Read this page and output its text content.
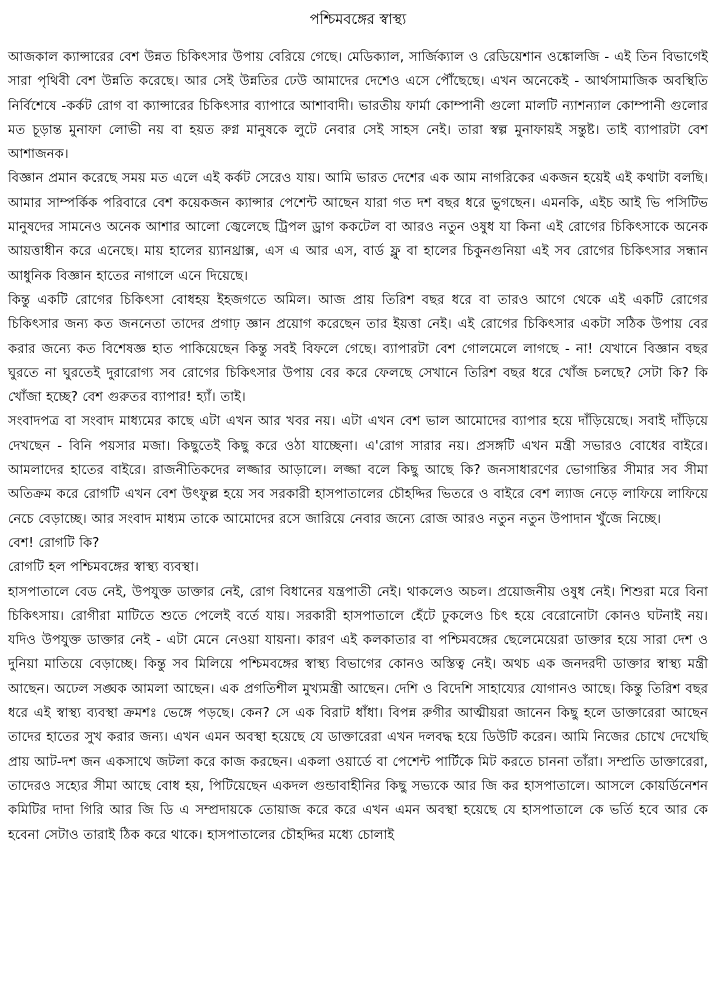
পশ্চিমবঙ্গের স্বাস্থ্য

আজকাল ক্যান্সারের বেশ উন্নত চিকিৎসার উপায় বেরিয়ে গেছে। মেডিক্যাল, সার্জিক্যাল ও রেডিয়েশান ওঙ্কোলজি - এই তিন বিভাগেই সারা পৃথিবী বেশ উন্নতি করেছে। আর সেই উন্নতির ঢেউ আমাদের দেশেও এসে পৌঁছেছে। এখন অনেকেই - আর্থসামাজিক অবস্থিতি নির্বিশেষে -কর্কট রোগ বা ক্যান্সারের চিকিৎসার ব্যাপারে আশাবাদী। ভারতীয় ফার্মা কোম্পানী গুলো মালটি ন্যাশন্যাল কোম্পানী গুলোর মত চূড়ান্ত মুনাফা লোভী নয় বা হয়ত রুগ্ন মানুষকে লুটে নেবার সেই সাহস নেই। তারা স্বল্প মুনাফায়ই সন্তুষ্ট। তাই ব্যাপারটা বেশ আশাজনক।

বিজ্ঞান প্রমান করেছে সময় মত এলে এই কর্কট সেরেও যায়। আমি ভারত দেশের এক আম নাগরিকের একজন হয়েই এই কথাটা বলছি। আমার সাম্পর্কিক পরিবারে বেশ কয়েকজন ক্যান্সার পেশেন্ট আছেন যারা গত দশ বছর ধরে ভুগছেন। এমনকি, এইচ আই ভি পসিটিভ মানুষদের সামনেও অনেক আশার আলো জ্বেলেছে ট্রিপল ড্রাগ ককটেল বা আরও নতুন ওষুধ যা কিনা এই রোগের চিকিৎসাকে অনেক আয়ত্তাধীন করে এনেছে। মায় হালের য়্যানথ্রাক্স, এস এ আর এস, বার্ড ফ্লু বা হালের চিকুনগুনিয়া এই সব রোগের চিকিৎসার সন্ধান আধুনিক বিজ্ঞান হাতের নাগালে এনে দিয়েছে।

কিন্তু একটি রোগের চিকিৎসা বোধহয় ইহজগতে অমিল। আজ প্রায় তিরিশ বছর ধরে বা তারও আগে থেকে এই একটি রোগের চিকিৎসার জন্য কত জননেতা তাদের প্রগাঢ় জ্ঞান প্রয়োগ করেছেন তার ইয়ত্তা নেই। এই রোগের চিকিৎসার একটা সঠিক উপায় বের করার জন্যে কত বিশেষজ্ঞ হাত পাকিয়েছেন কিন্তু সবই বিফলে গেছে। ব্যাপারটা বেশ গোলমেলে লাগছে - না! যেখানে বিজ্ঞান বছর ঘুরতে না ঘুরতেই দুরারোগ্য সব রোগের চিকিৎসার উপায় বের করে ফেলছে সেখানে তিরিশ বছর ধরে খোঁজ চলছে? সেটা কি? কি খোঁজা হচ্ছে? বেশ গুরুতর ব্যাপার! হ্যাঁ। তাই।

সংবাদপত্র বা সংবাদ মাধ্যমের কাছে এটা এখন আর খবর নয়। এটা এখন বেশ ভাল আমোদের ব্যাপার হয়ে দাঁড়িয়েছে। সবাই দাঁড়িয়ে দেখছেন - বিনি পয়সার মজা। কিছুতেই কিছু করে ওঠা যাচ্ছেনা। এ'রোগ সারার নয়। প্রসঙ্গটি এখন মন্ত্রী সভারও বোধের বাইরে। আমলাদের হাতের বাইরে। রাজনীতিকদের লজ্জার আড়ালে। লজ্জা বলে কিছু আছে কি? জনসাধারণের ভোগান্তির সীমার সব সীমা অতিক্রম করে রোগটি এখন বেশ উৎফুল্ল হয়ে সব সরকারী হাসপাতালের চৌহদ্দির ভিতরে ও বাইরে বেশ ল্যাজ নেড়ে লাফিয়ে লাফিয়ে নেচে বেড়াচ্ছে। আর সংবাদ মাধ্যম তাকে আমোদের রসে জারিয়ে নেবার জন্যে রোজ আরও নতুন নতুন উপাদান খুঁজে নিচ্ছে।

বেশ! রোগটি কি?

রোগটি হল পশ্চিমবঙ্গের স্বাস্থ্য ব্যবস্থা।

হাসপাতালে বেড নেই, উপযুক্ত ডাক্তার নেই, রোগ বিধানের যন্ত্রপাতী নেই। থাকলেও অচল। প্রয়োজনীয় ওষুধ নেই। শিশুরা মরে বিনা চিকিৎসায়। রোগীরা মাটিতে শুতে পেলেই বর্তে যায়। সরকারী হাসপাতালে হেঁটে ঢুকলেও চিৎ হয়ে বেরোনোটা কোনও ঘটনাই নয়। যদিও উপযুক্ত ডাক্তার নেই - এটা মেনে নেওয়া যায়না। কারণ এই কলকাতার বা পশ্চিমবঙ্গের ছেলেমেয়েরা ডাক্তার হয়ে সারা দেশ ও দুনিয়া মাতিয়ে বেড়াচ্ছে। কিন্তু সব মিলিয়ে পশ্চিমবঙ্গের স্বাস্থ্য বিভাগের কোনও অস্তিত্ব নেই। অথচ এক জনদরদী ডাক্তার স্বাস্থ্য মন্ত্রী আছেন। অঢেল সঙ্ঘক আমলা আছেন। এক প্রগতিশীল মুখ্যমন্ত্রী আছেন। দেশি ও বিদেশি সাহায্যের যোগানও আছে। কিন্তু তিরিশ বছর ধরে এই স্বাস্থ্য ব্যবস্থা ক্রমশঃ ভেঙ্গে পড়ছে। কেন? সে এক বিরাট ধাঁধা। বিপন্ন রুগীর আত্মীয়রা জানেন কিছু হলে ডাক্তারেরা আছেন তাদের হাতের সুখ করার জন্য। এখন এমন অবস্থা হয়েছে যে ডাক্তারেরা এখন দলবদ্ধ হয়ে ডিউটি করেন। আমি নিজের চোখে দেখেছি প্রায় আট-দশ জন একসাথে জটলা করে কাজ করছেন। একলা ওয়ার্ডে বা পেশেন্ট পার্টিকে মিট করতে চাননা তাঁরা। সম্প্রতি ডাক্তারেরা, তাদেরও সহ্যের সীমা আছে বোধ হয়, পিটিয়েছেন একদল গুন্ডাবাহীনির কিছু সভ্যকে আর জি কর হাসপাতালে। আসলে কোয়র্ডিনেশন কমিটির দাদা গিরি আর জি ডি এ সম্প্রদায়কে তোয়াজ করে করে এখন এমন অবস্থা হয়েছে যে হাসপাতালে কে ভর্তি হবে আর কে হবেনা সেটাও তারাই ঠিক করে থাকে। হাসপাতালের চৌহদ্দির মধ্যে চোলাই
